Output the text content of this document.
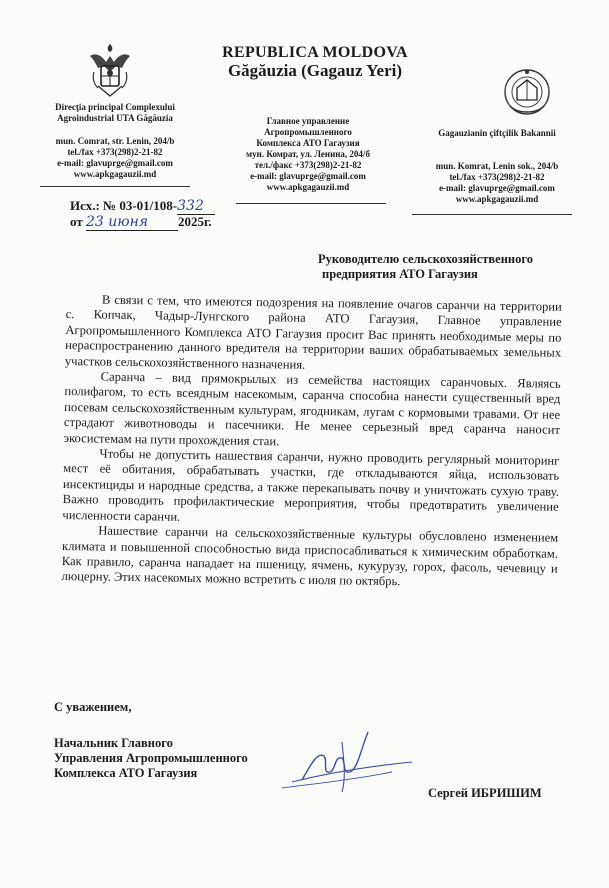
REPUBLICA MOLDOVA
Găgăuzia (Gagauz Yeri)
Direcţia principal Complexului
Agroindustrial UTA Găgăuzia
mun. Comrat, str. Lenin, 204/b
tel./fax +373(298)2-21-82
e-mail: glavuprge@gmail.com
www.apkgagauzii.md
Главное управление
Агропромышленного
Комплекса АТО Гагаузия
мун. Комрат, ул. Ленина, 204/б
тел./факс +373(298)2-21-82
e-mail: glavuprge@gmail.com
www.apkgagauzii.md
Gagauzianin çiftçilik Bakannii
mun. Komrat, Lenin sok., 204/b
tel./fax +373(298)2-21-82
e-mail: glavuprge@gmail.com
www.apkgagauzii.md
Исх.: № 03-01/108-332
от 23 июня 2025г.
Руководителю сельскохозяйственного
предприятия АТО Гагаузия

В связи с тем, что имеются подозрения на появление очагов саранчи на территории с. Копчак, Чадыр-Лунгского района АТО Гагаузия, Главное управление Агропромышленного Комплекса АТО Гагаузия просит Вас принять необходимые меры по нераспространению данного вредителя на территории ваших обрабатываемых земельных участков сельскохозяйственного назначения.

Саранча – вид прямокрылых из семейства настоящих саранчовых. Являясь полифагом, то есть всеядным насекомым, саранча способна нанести существенный вред посевам сельскохозяйственным культурам, ягодникам, лугам с кормовыми травами. От нее страдают животноводы и пасечники. Не менее серьезный вред саранча наносит экосистемам на пути прохождения стаи.

Чтобы не допустить нашествия саранчи, нужно проводить регулярный мониторинг мест её обитания, обрабатывать участки, где откладываются яйца, использовать инсектициды и народные средства, а также перекапывать почву и уничтожать сухую траву. Важно проводить профилактические мероприятия, чтобы предотвратить увеличение численности саранчи.

Нашествие саранчи на сельскохозяйственные культуры обусловлено изменением климата и повышенной способностью вида приспосабливаться к химическим обработкам. Как правило, саранча нападает на пшеницу, ячмень, кукурузу, горох, фасоль, чечевицу и люцерну. Этих насекомых можно встретить с июля по октябрь.

С уважением,
Начальник Главного
Управления Агропромышленного
Комплекса АТО Гагаузия
Сергей ИБРИШИМ
